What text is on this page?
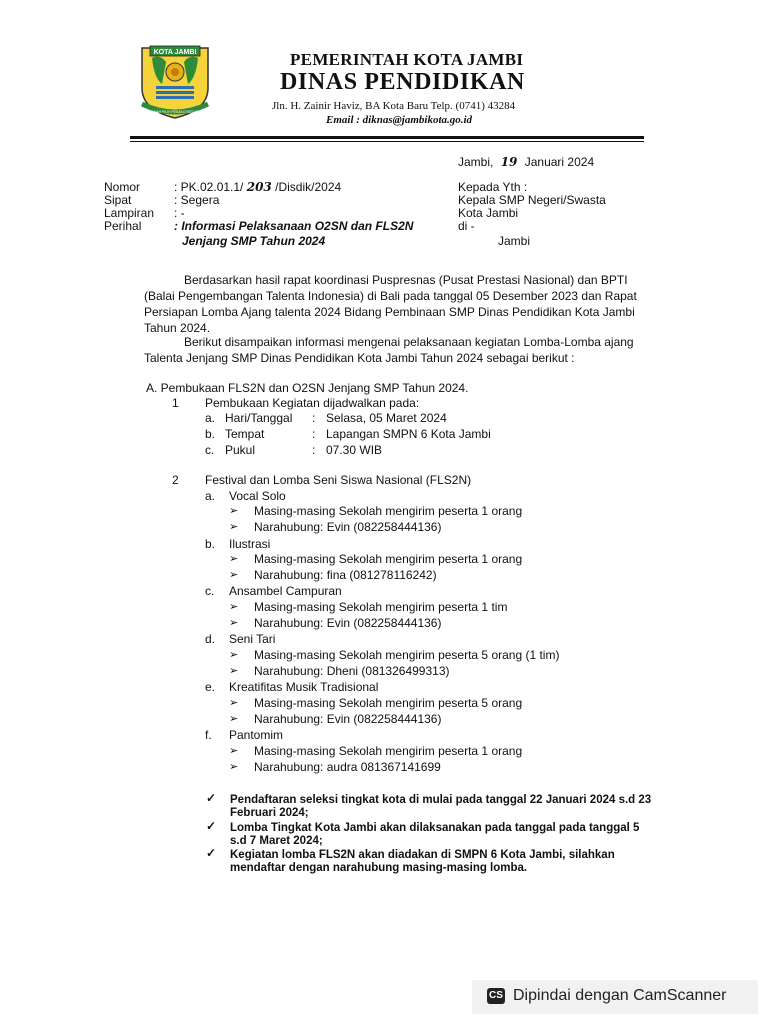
KOTA JAMBI
TANAH PILIH PESAKO BETUAH
PEMERINTAH KOTA JAMBI
DINAS PENDIDIKAN
Jln. H. Zainir Haviz, BA Kota Baru Telp. (0741) 43284
Email : diknas@jambikota.go.id
Jambi, 19 Januari 2024
Nomor	: PK.02.01.1/ 203 /Disdik/2024
Sipat	: Segera
Lampiran : -
Perihal	: Informasi Pelaksanaan O2SN dan FLS2N
Jenjang SMP Tahun 2024
Kepada Yth :
Kepala SMP Negeri/Swasta
Kota Jambi
di -
Jambi
Berdasarkan hasil rapat koordinasi Puspresnas (Pusat Prestasi Nasional) dan BPTI
(Balai Pengembangan Talenta Indonesia) di Bali pada tanggal 05 Desember 2023 dan Rapat
Persiapan Lomba Ajang talenta 2024 Bidang Pembinaan SMP Dinas Pendidikan Kota Jambi
Tahun 2024.
Berikut disampaikan informasi mengenai pelaksanaan kegiatan Lomba-Lomba ajang
Talenta Jenjang SMP Dinas Pendidikan Kota Jambi Tahun 2024 sebagai berikut :
A. Pembukaan FLS2N dan O2SN Jenjang SMP Tahun 2024.
1 Pembukaan Kegiatan dijadwalkan pada:
a. Hari/Tanggal : Selasa, 05 Maret 2024
b. Tempat	: Lapangan SMPN 6 Kota Jambi
c. Pukul	: 07.30 WIB
2 Festival dan Lomba Seni Siswa Nasional (FLS2N)
a. Vocal Solo
➢ Masing-masing Sekolah mengirim peserta 1 orang
➢ Narahubung: Evin (082258444136)
b. Ilustrasi
➢ Masing-masing Sekolah mengirim peserta 1 orang
➢ Narahubung: fina (081278116242)
c. Ansambel Campuran
➢ Masing-masing Sekolah mengirim peserta 1 tim
➢ Narahubung: Evin (082258444136)
d. Seni Tari
➢ Masing-masing Sekolah mengirim peserta 5 orang (1 tim)
➢ Narahubung: Dheni (081326499313)
e. Kreatifitas Musik Tradisional
➢ Masing-masing Sekolah mengirim peserta 5 orang
➢ Narahubung: Evin (082258444136)
f. Pantomim
➢ Masing-masing Sekolah mengirim peserta 1 orang
➢ Narahubung: audra 081367141699
✓ Pendaftaran seleksi tingkat kota di mulai pada tanggal 22 Januari 2024 s.d 23
Februari 2024;
✓ Lomba Tingkat Kota Jambi akan dilaksanakan pada tanggal pada tanggal 5
s.d 7 Maret 2024;
✓ Kegiatan lomba FLS2N akan diadakan di SMPN 6 Kota Jambi, silahkan
mendaftar dengan narahubung masing-masing lomba.
CS Dipindai dengan CamScanner
